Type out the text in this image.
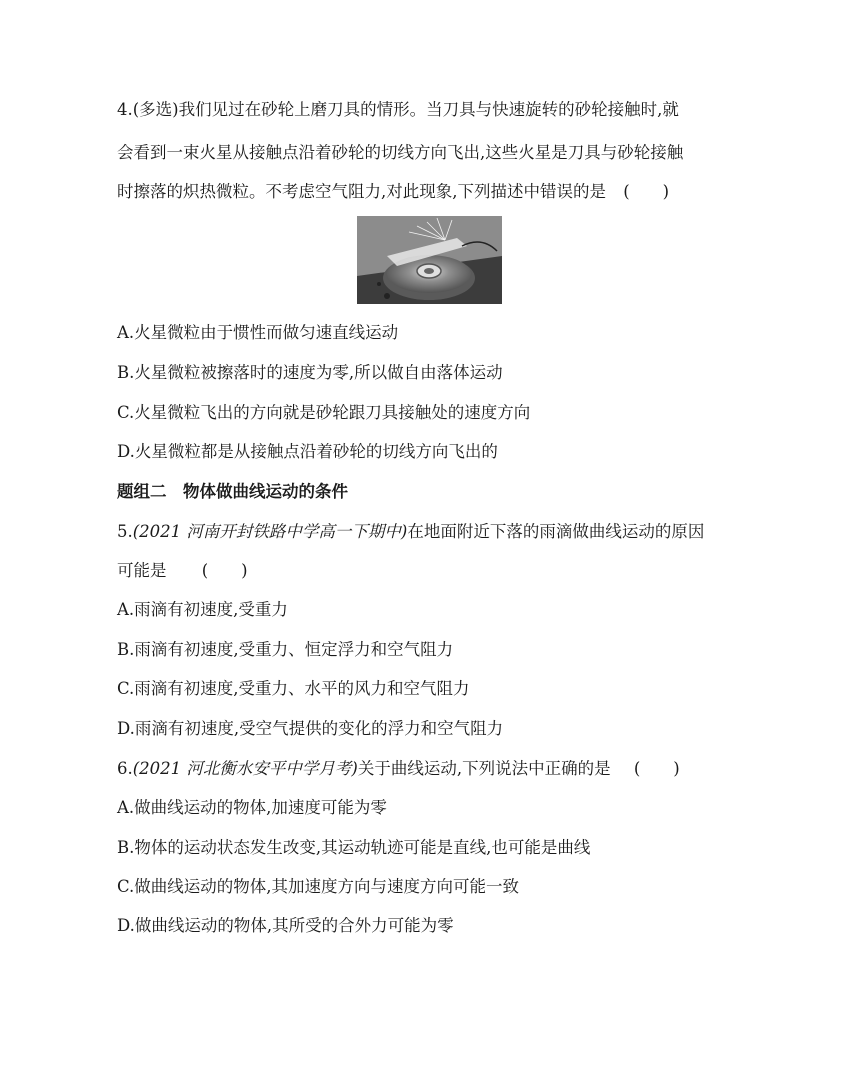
4.(多选)我们见过在砂轮上磨刀具的情形。当刀具与快速旋转的砂轮接触时,就
会看到一束火星从接触点沿着砂轮的切线方向飞出,这些火星是刀具与砂轮接触
时擦落的炽热微粒。不考虑空气阻力,对此现象,下列描述中错误的是 (　　)
A.火星微粒由于惯性而做匀速直线运动
B.火星微粒被擦落时的速度为零,所以做自由落体运动
C.火星微粒飞出的方向就是砂轮跟刀具接触处的速度方向
D.火星微粒都是从接触点沿着砂轮的切线方向飞出的
题组二　物体做曲线运动的条件
5.(2021 河南开封铁路中学高一下期中)在地面附近下落的雨滴做曲线运动的原因
可能是 (　　)
A.雨滴有初速度,受重力
B.雨滴有初速度,受重力、恒定浮力和空气阻力
C.雨滴有初速度,受重力、水平的风力和空气阻力
D.雨滴有初速度,受空气提供的变化的浮力和空气阻力
6.(2021 河北衡水安平中学月考)关于曲线运动,下列说法中正确的是 (　　)
A.做曲线运动的物体,加速度可能为零
B.物体的运动状态发生改变,其运动轨迹可能是直线,也可能是曲线
C.做曲线运动的物体,其加速度方向与速度方向可能一致
D.做曲线运动的物体,其所受的合外力可能为零
